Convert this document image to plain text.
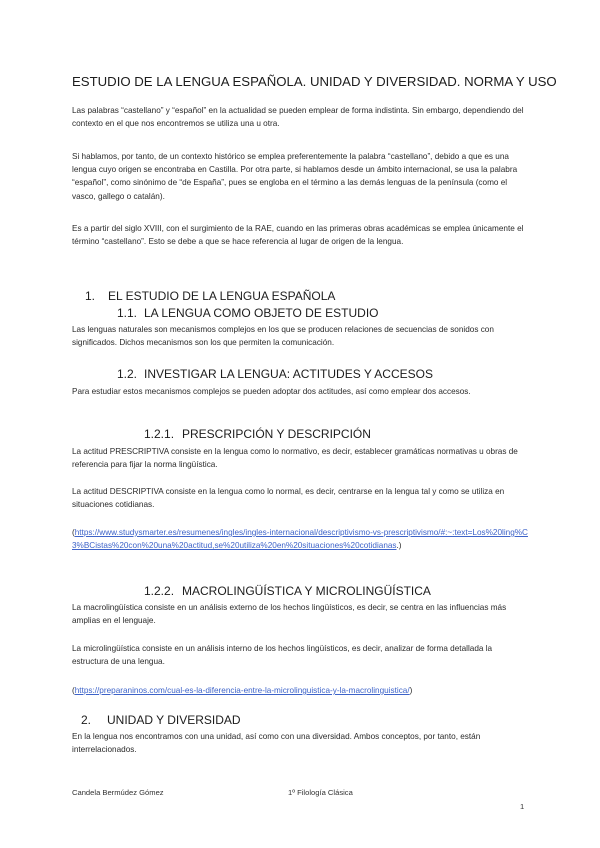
ESTUDIO DE LA LENGUA ESPAÑOLA. UNIDAD Y DIVERSIDAD. NORMA Y USO

Las palabras “castellano” y “español” en la actualidad se pueden emplear de forma indistinta. Sin embargo, dependiendo del contexto en el que nos encontremos se utiliza una u otra.

Si hablamos, por tanto, de un contexto histórico se emplea preferentemente la palabra “castellano”, debido a que es una lengua cuyo origen se encontraba en Castilla. Por otra parte, si hablamos desde un ámbito internacional, se usa la palabra “español”, como sinónimo de “de España”, pues se engloba en el término a las demás lenguas de la península (como el vasco, gallego o catalán).

Es a partir del siglo XVIII, con el surgimiento de la RAE, cuando en las primeras obras académicas se emplea únicamente el término “castellano”. Esto se debe a que se hace referencia al lugar de origen de la lengua.

1. EL ESTUDIO DE LA LENGUA ESPAÑOLA
1.1. LA LENGUA COMO OBJETO DE ESTUDIO

Las lenguas naturales son mecanismos complejos en los que se producen relaciones de secuencias de sonidos con significados. Dichos mecanismos son los que permiten la comunicación.

1.2. INVESTIGAR LA LENGUA: ACTITUDES Y ACCESOS

Para estudiar estos mecanismos complejos se pueden adoptar dos actitudes, así como emplear dos accesos.

1.2.1. PRESCRIPCIÓN Y DESCRIPCIÓN

La actitud PRESCRIPTIVA consiste en la lengua como lo normativo, es decir, establecer gramáticas normativas u obras de referencia para fijar la norma lingüística.

La actitud DESCRIPTIVA consiste en la lengua como lo normal, es decir, centrarse en la lengua tal y como se utiliza en situaciones cotidianas.

(https://www.studysmarter.es/resumenes/ingles/ingles-internacional/descriptivismo-vs-prescriptivismo/#:~:text=Los%20ling%C3%BCistas%20con%20una%20actitud,se%20utiliza%20en%20situaciones%20cotidianas.)

1.2.2. MACROLINGÜÍSTICA Y MICROLINGÜÍSTICA

La macrolingüística consiste en un análisis externo de los hechos lingüísticos, es decir, se centra en las influencias más amplias en el lenguaje.

La microlingüística consiste en un análisis interno de los hechos lingüísticos, es decir, analizar de forma detallada la estructura de una lengua.

(https://preparaninos.com/cual-es-la-diferencia-entre-la-microlinguistica-y-la-macrolinguistica/)

2. UNIDAD Y DIVERSIDAD

En la lengua nos encontramos con una unidad, así como con una diversidad. Ambos conceptos, por tanto, están interrelacionados.

Candela Bermúdez Gómez	1º Filología Clásica
1
